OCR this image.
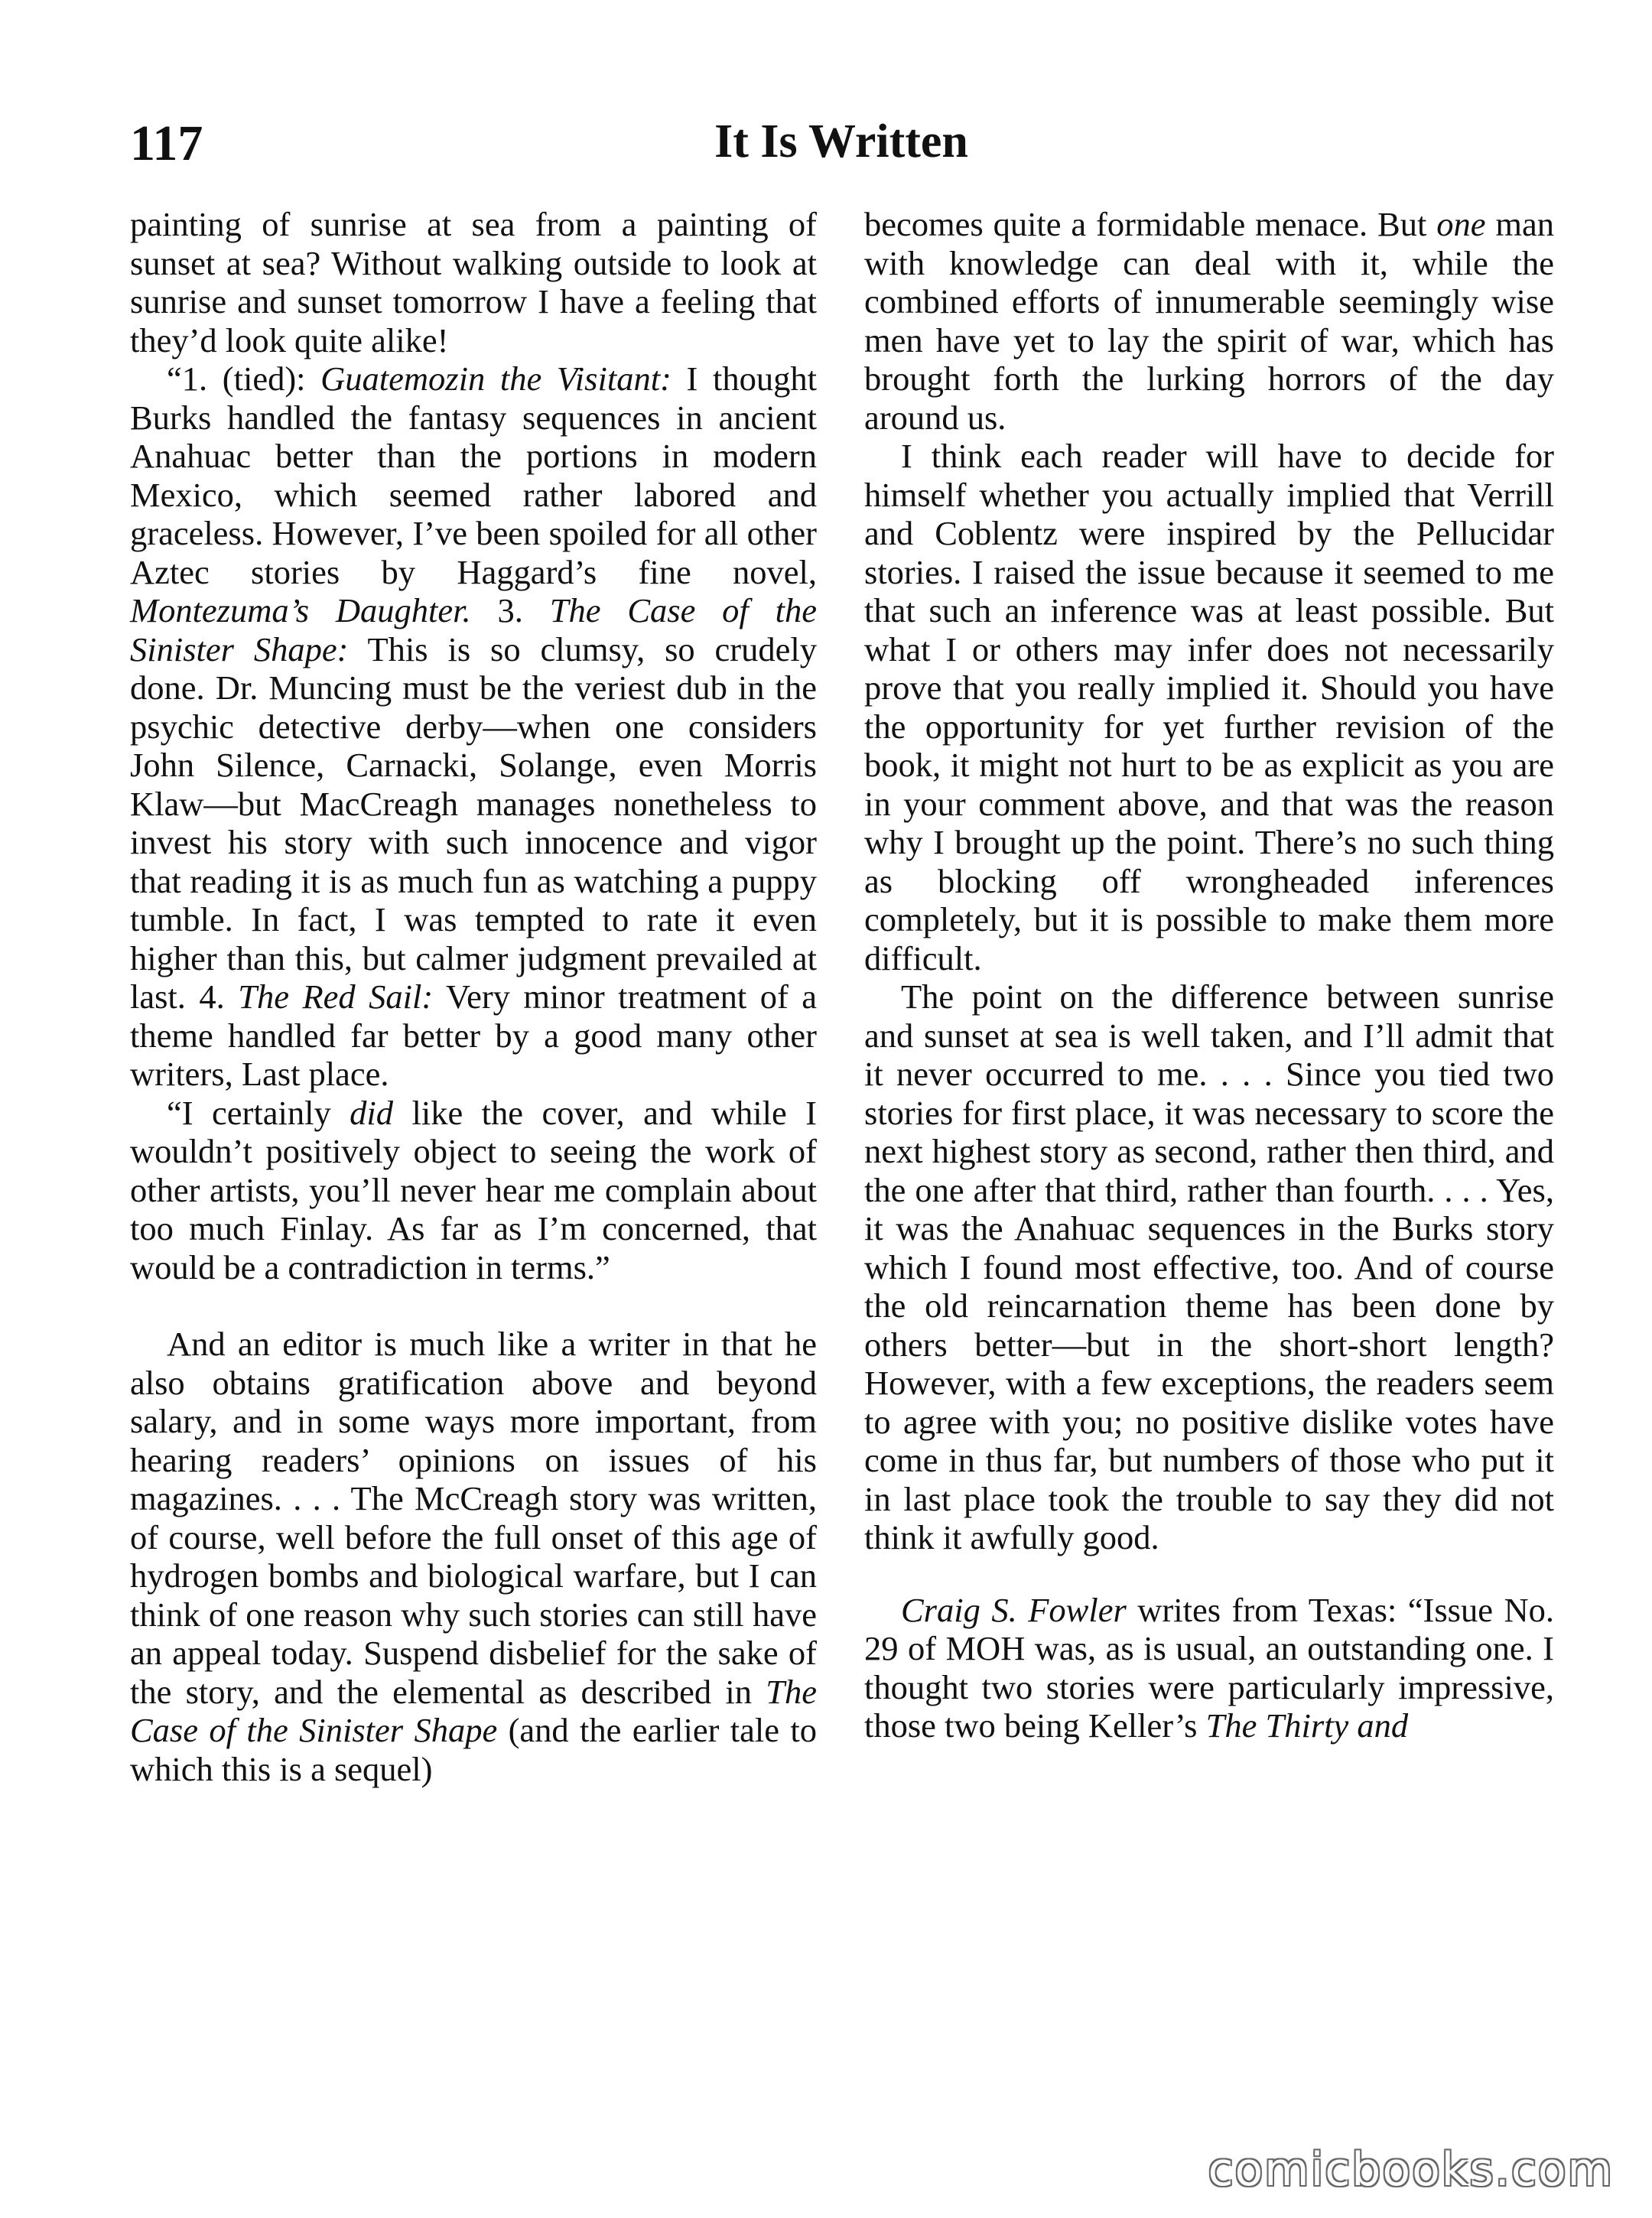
117	It Is Written

painting of sunrise at sea from a painting of sunset at sea? Without walking outside to look at sunrise and sunset tomorrow I have a feeling that they’d look quite alike!

“1. (tied): Guatemozin the Visitant: I thought Burks handled the fantasy sequences in ancient Anahuac better than the portions in modern Mexico, which seemed rather labored and graceless. However, I’ve been spoiled for all other Aztec stories by Haggard’s fine novel, Montezuma’s Daughter. 3. The Case of the Sinister Shape: This is so clumsy, so crudely done. Dr. Muncing must be the veriest dub in the psychic detective derby—when one considers John Silence, Carnacki, Solange, even Morris Klaw—but MacCreagh manages nonetheless to invest his story with such innocence and vigor that reading it is as much fun as watching a puppy tumble. In fact, I was tempted to rate it even higher than this, but calmer judgment prevailed at last. 4. The Red Sail: Very minor treatment of a theme handled far better by a good many other writers, Last place.

“I certainly did like the cover, and while I wouldn’t positively object to seeing the work of other artists, you’ll never hear me complain about too much Finlay. As far as I’m concerned, that would be a contradiction in terms.”

And an editor is much like a writer in that he also obtains gratification above and beyond salary, and in some ways more important, from hearing readers’ opinions on issues of his magazines. . . . The McCreagh story was written, of course, well before the full onset of this age of hydrogen bombs and biological warfare, but I can think of one reason why such stories can still have an appeal today. Suspend disbelief for the sake of the story, and the elemental as described in The Case of the Sinister Shape (and the earlier tale to which this is a sequel)

becomes quite a formidable menace. But one man with knowledge can deal with it, while the combined efforts of innumerable seemingly wise men have yet to lay the spirit of war, which has brought forth the lurking horrors of the day around us.

I think each reader will have to decide for himself whether you actually implied that Verrill and Coblentz were inspired by the Pellucidar stories. I raised the issue because it seemed to me that such an inference was at least possible. But what I or others may infer does not necessarily prove that you really implied it. Should you have the opportunity for yet further revision of the book, it might not hurt to be as explicit as you are in your comment above, and that was the reason why I brought up the point. There’s no such thing as blocking off wrongheaded inferences completely, but it is possible to make them more difficult.

The point on the difference between sunrise and sunset at sea is well taken, and I’ll admit that it never occurred to me. . . . Since you tied two stories for first place, it was necessary to score the next highest story as second, rather then third, and the one after that third, rather than fourth. . . . Yes, it was the Anahuac sequences in the Burks story which I found most effective, too. And of course the old reincarnation theme has been done by others better—but in the short-short length? However, with a few exceptions, the readers seem to agree with you; no positive dislike votes have come in thus far, but numbers of those who put it in last place took the trouble to say they did not think it awfully good.

Craig S. Fowler writes from Texas: “Issue No. 29 of MOH was, as is usual, an outstanding one. I thought two stories were particularly impressive, those two being Keller’s The Thirty and

comicbooks.com
